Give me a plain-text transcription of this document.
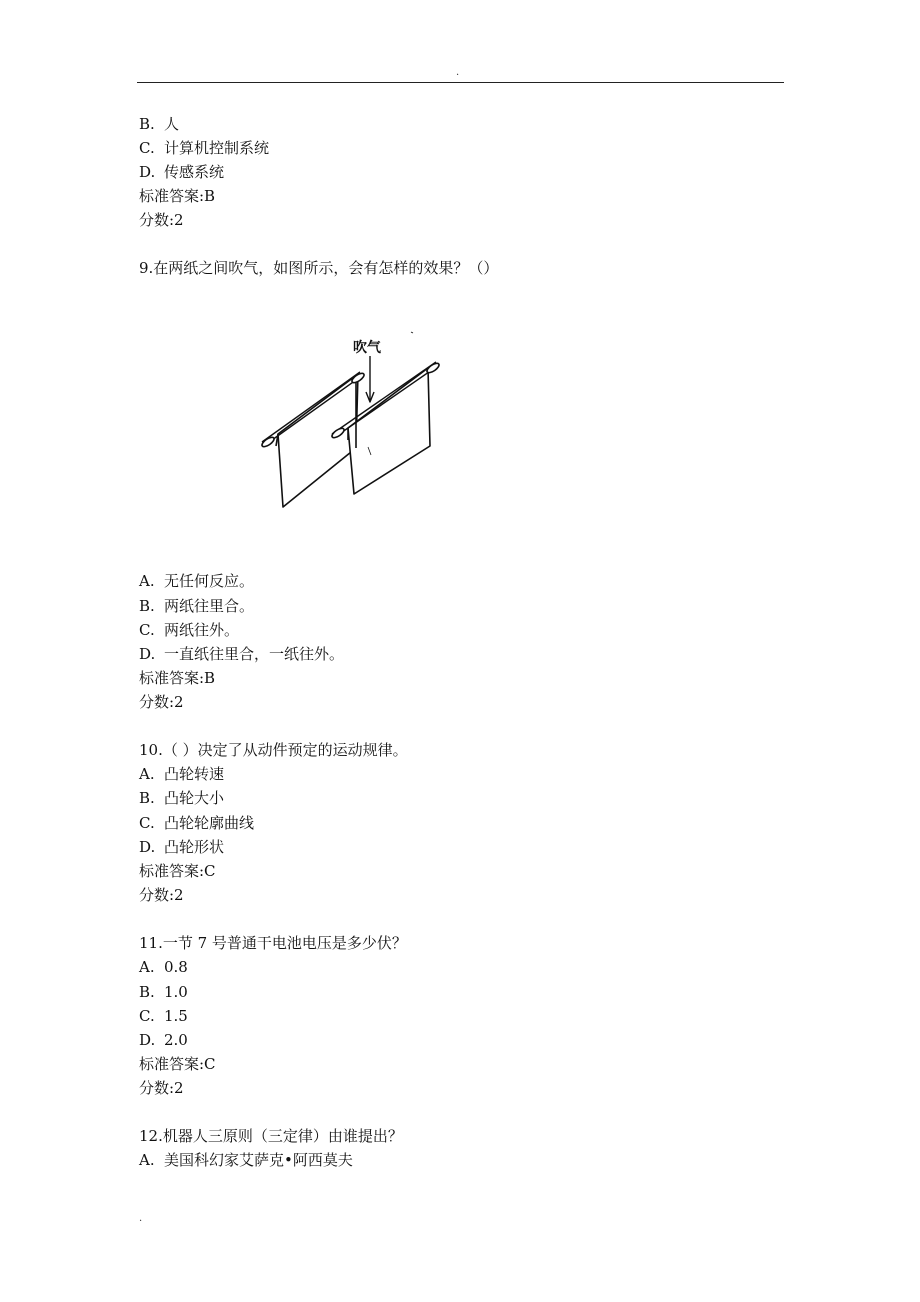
.
B. 人
C. 计算机控制系统
D. 传感系统
标准答案:B
分数:2
9.在两纸之间吹气，如图所示，会有怎样的效果？（）
吹气
A. 无任何反应。
B. 两纸往里合。
C. 两纸往外。
D. 一直纸往里合，一纸往外。
标准答案:B
分数:2
10.（ ）决定了从动件预定的运动规律。
A. 凸轮转速
B. 凸轮大小
C. 凸轮轮廓曲线
D. 凸轮形状
标准答案:C
分数:2
11.一节 7 号普通干电池电压是多少伏？
A. 0.8
B. 1.0
C. 1.5
D. 2.0
标准答案:C
分数:2
12.机器人三原则（三定律）由谁提出？
A. 美国科幻家艾萨克•阿西莫夫
.
